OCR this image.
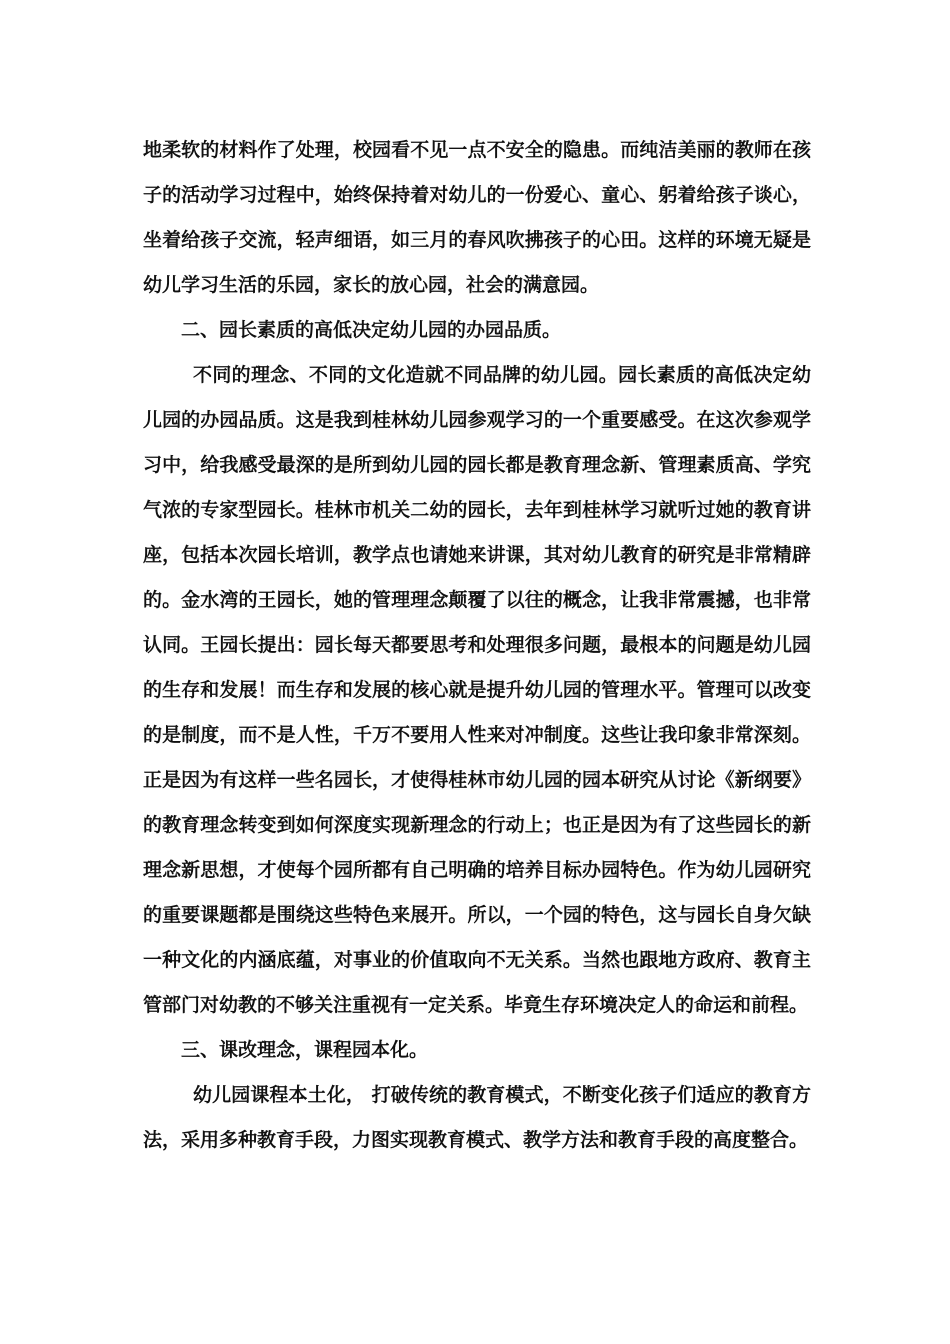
地柔软的材料作了处理，校园看不见一点不安全的隐患。而纯洁美丽的教师在孩子的活动学习过程中，始终保持着对幼儿的一份爱心、童心、躬着给孩子谈心，坐着给孩子交流，轻声细语，如三月的春风吹拂孩子的心田。这样的环境无疑是幼儿学习生活的乐园，家长的放心园，社会的满意园。

二、园长素质的高低决定幼儿园的办园品质。

不同的理念、不同的文化造就不同品牌的幼儿园。园长素质的高低决定幼儿园的办园品质。这是我到桂林幼儿园参观学习的一个重要感受。在这次参观学习中，给我感受最深的是所到幼儿园的园长都是教育理念新、管理素质高、学究气浓的专家型园长。桂林市机关二幼的园长，去年到桂林学习就听过她的教育讲座，包括本次园长培训，教学点也请她来讲课，其对幼儿教育的研究是非常精辟的。金水湾的王园长，她的管理理念颠覆了以往的概念，让我非常震撼，也非常认同。王园长提出：园长每天都要思考和处理很多问题，最根本的问题是幼儿园的生存和发展！而生存和发展的核心就是提升幼儿园的管理水平。管理可以改变的是制度，而不是人性，千万不要用人性来对冲制度。这些让我印象非常深刻。正是因为有这样一些名园长，才使得桂林市幼儿园的园本研究从讨论《新纲要》的教育理念转变到如何深度实现新理念的行动上；也正是因为有了这些园长的新理念新思想，才使每个园所都有自己明确的培养目标办园特色。作为幼儿园研究的重要课题都是围绕这些特色来展开。所以，一个园的特色，这与园长自身欠缺一种文化的内涵底蕴，对事业的价值取向不无关系。当然也跟地方政府、教育主管部门对幼教的不够关注重视有一定关系。毕竟生存环境决定人的命运和前程。

三、课改理念，课程园本化。

幼儿园课程本土化， 打破传统的教育模式，不断变化孩子们适应的教育方法，采用多种教育手段，力图实现教育模式、教学方法和教育手段的高度整合。
